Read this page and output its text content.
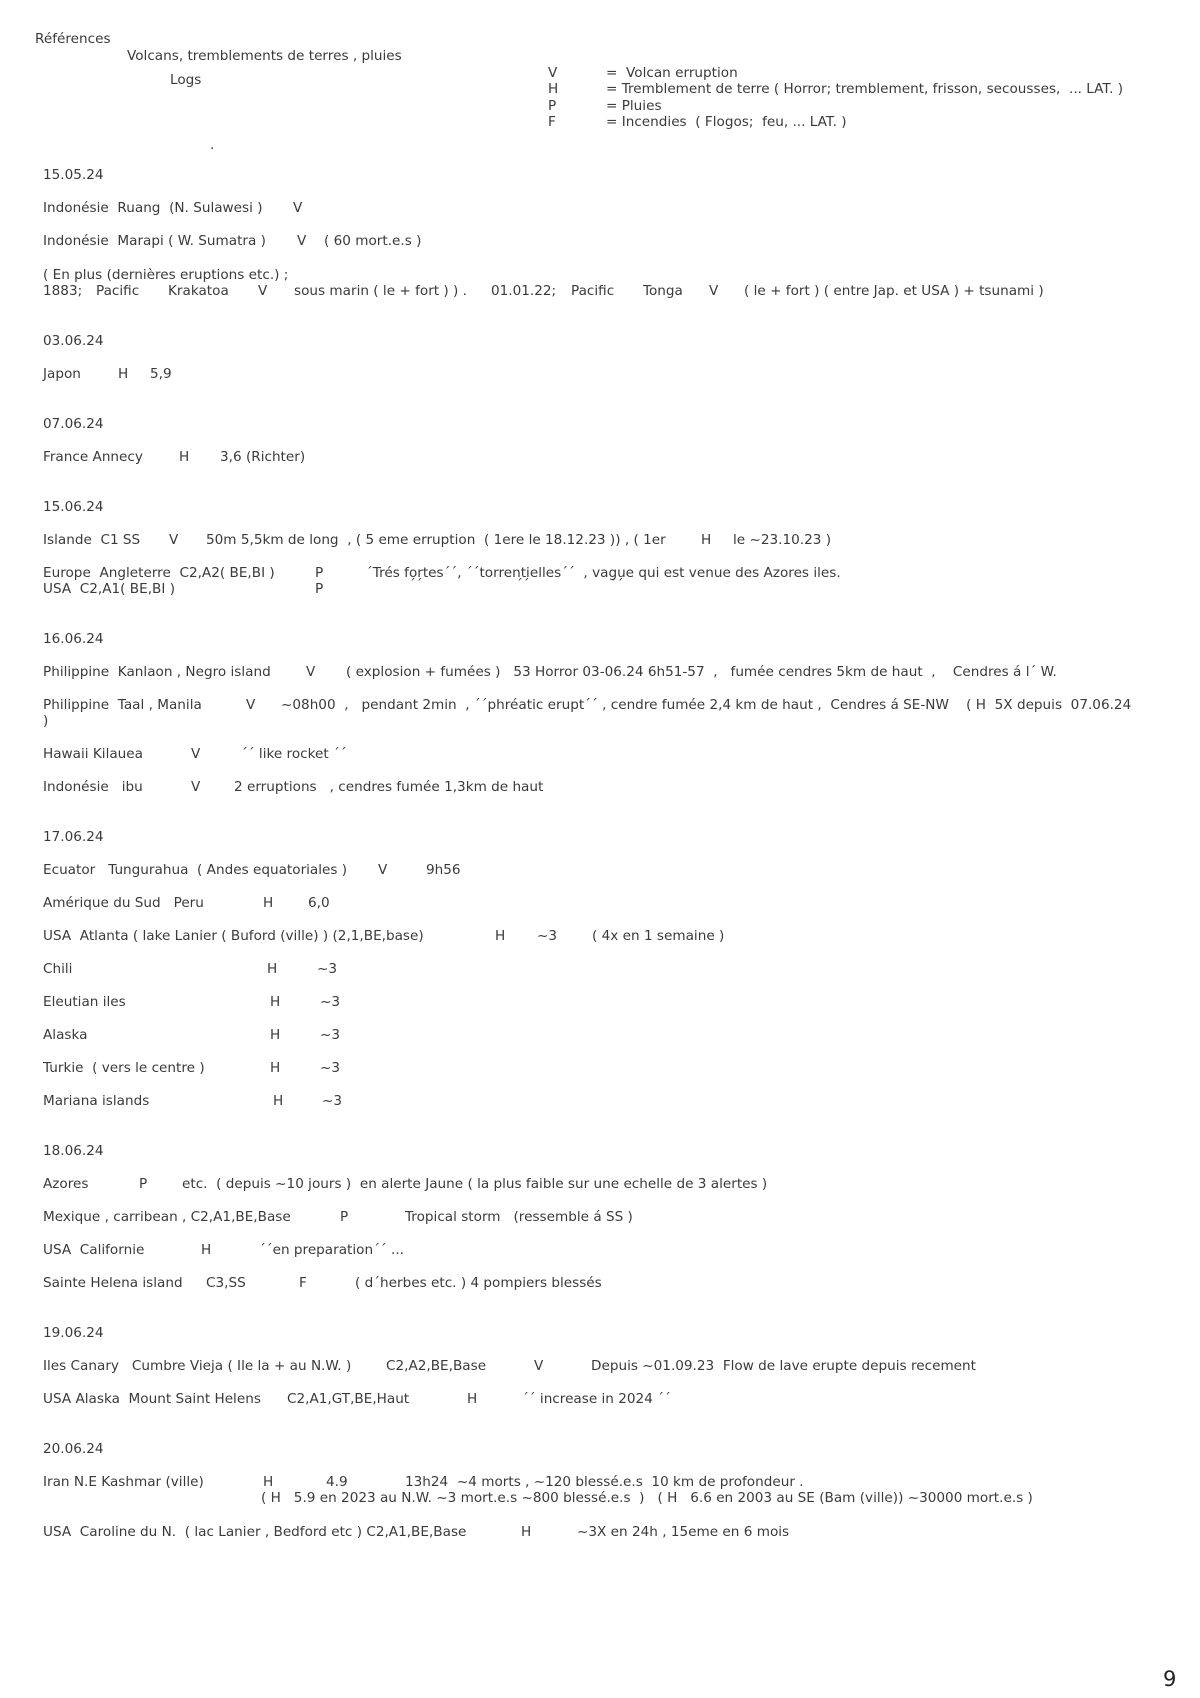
Références
Volcans, tremblements de terres , pluies
Logs
.
V	=  Volcan erruption
H	= Tremblement de terre ( Horror; tremblement, frisson, secousses,  ... LAT. )
P	= Pluies
F	= Incendies  ( Flogos;  feu, ... LAT. )
15.05.24
Indonésie  Ruang  (N. Sulawesi ) V
Indonésie  Marapi ( W. Sumatra ) V ( 60 mort.e.s )
( En plus (dernières eruptions etc.) ;
1883; Pacific Krakatoa V sous marin ( le + fort ) ) . 01.01.22; Pacific Tonga V ( le + fort ) ( entre Jap. et USA ) + tsunami )
03.06.24
Japon	H 5,9
07.06.24
France Annecy	H 3,6 (Richter)
15.06.24
Islande  C1 SS V 50m 5,5km de long  , ( 5 eme erruption  ( 1ere le 18.12.23 )) , ( 1er	H le ~23.10.23 )
Europe  Angleterre  C2,A2( BE,BI )	P	´Trés fortes´´, ´´torrentielles´´  , vague qui est venue des Azores iles.
USA  C2,A1( BE,BI )	P	´´	´´	´´
16.06.24
Philippine  Kanlaon , Negro island	V ( explosion + fumées )   53 Horror 03-06.24 6h51-57  ,   fumée cendres 5km de haut  ,    Cendres á l´ W.
Philippine  Taal , Manila	V ~08h00  ,   pendant 2min  , ´´phréatic erupt´´ , cendre fumée 2,4 km de haut ,  Cendres á SE-NW    ( H  5X depuis  07.06.24
)
Hawaii Kilauea	V	´´ like rocket ´´
Indonésie   ibu	V 2 erruptions   , cendres fumée 1,3km de haut
17.06.24
Ecuator   Tungurahua  ( Andes equatoriales ) V	9h56
Amérique du Sud   Peru	H	6,0
USA  Atlanta ( lake Lanier ( Buford (ville) ) (2,1,BE,base)	H ~3	( 4x en 1 semaine )
Chili	H	~3
Eleutian iles	H	~3
Alaska	H	~3
Turkie  ( vers le centre )	H	~3
Mariana islands	H	~3
18.06.24
Azores	P	etc.  ( depuis ~10 jours )  en alerte Jaune ( la plus faible sur une echelle de 3 alertes )
Mexique , carribean , C2,A1,BE,Base	P	Tropical storm   (ressemble á SS )
USA  Californie	H	´´en preparation´´ ...
Sainte Helena island C3,SS	F	( d´herbes etc. ) 4 pompiers blessés
19.06.24
Iles Canary   Cumbre Vieja ( Ile la + au N.W. )	C2,A2,BE,Base	V	Depuis ~01.09.23  Flow de lave erupte depuis recement
USA Alaska  Mount Saint Helens C2,A1,GT,BE,Haut	H	´´ increase in 2024 ´´
20.06.24
Iran N.E Kashmar (ville)	H	4.9	13h24  ~4 morts , ~120 blessé.e.s  10 km de profondeur .
( H   5.9 en 2023 au N.W. ~3 mort.e.s ~800 blessé.e.s  )   ( H   6.6 en 2003 au SE (Bam (ville)) ~30000 mort.e.s )
USA  Caroline du N.  ( lac Lanier , Bedford etc ) C2,A1,BE,Base	H	~3X en 24h , 15eme en 6 mois
9
